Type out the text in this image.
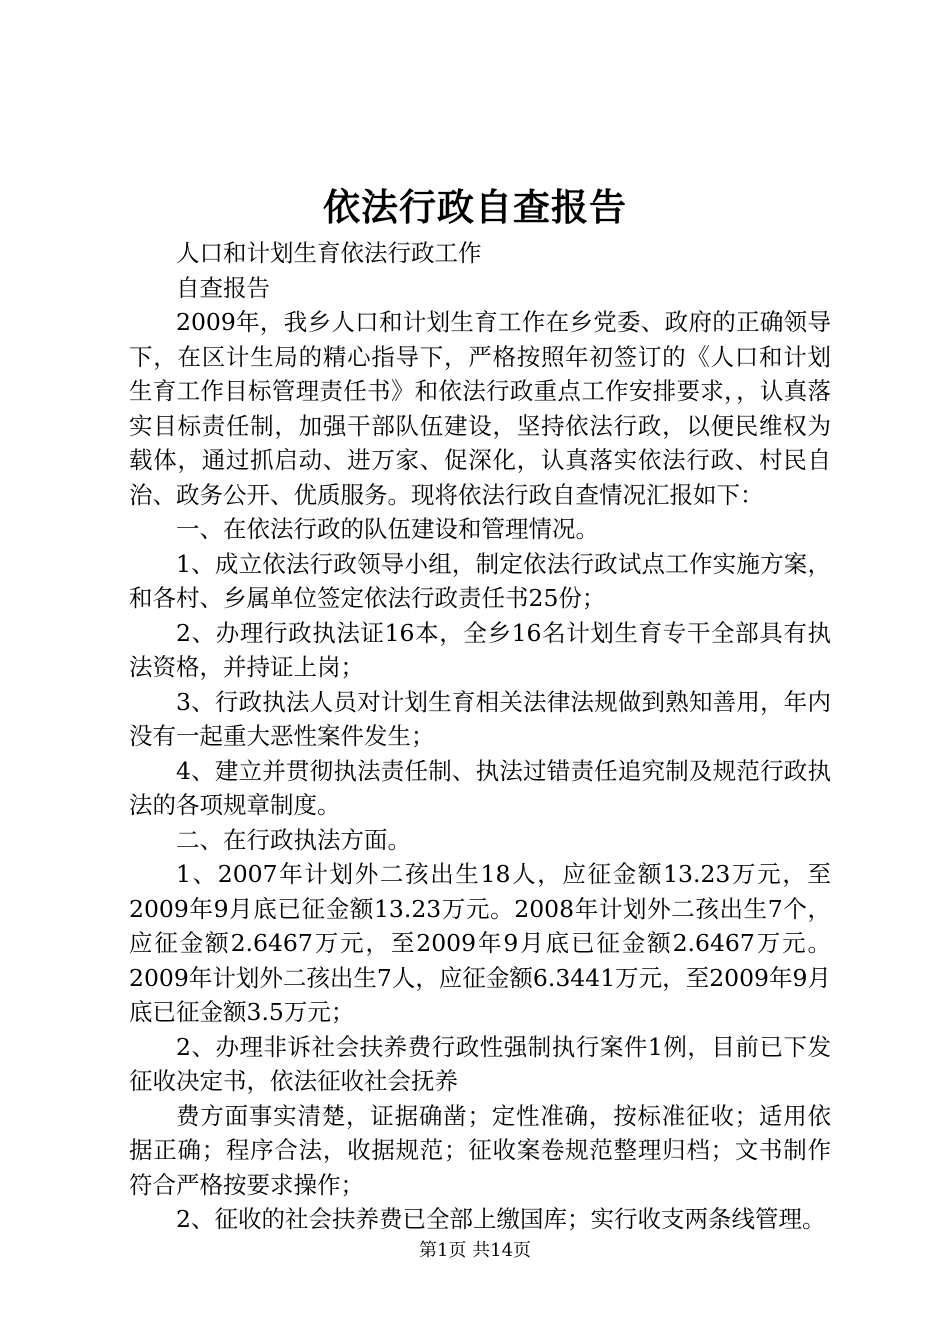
依法行政自查报告

人口和计划生育依法行政工作

自查报告

2009年，我乡人口和计划生育工作在乡党委、政府的正确领导下，在区计生局的精心指导下，严格按照年初签订的《人口和计划生育工作目标管理责任书》和依法行政重点工作安排要求，，认真落实目标责任制，加强干部队伍建设，坚持依法行政，以便民维权为载体，通过抓启动、进万家、促深化，认真落实依法行政、村民自治、政务公开、优质服务。现将依法行政自查情况汇报如下：

一、在依法行政的队伍建设和管理情况。

1、成立依法行政领导小组，制定依法行政试点工作实施方案，和各村、乡属单位签定依法行政责任书25份；

2、办理行政执法证16本，全乡16名计划生育专干全部具有执法资格，并持证上岗；

3、行政执法人员对计划生育相关法律法规做到熟知善用，年内没有一起重大恶性案件发生；

4、建立并贯彻执法责任制、执法过错责任追究制及规范行政执法的各项规章制度。

二、在行政执法方面。

1、2007年计划外二孩出生18人，应征金额13.23万元，至2009年9月底已征金额13.23万元。2008年计划外二孩出生7个，应征金额2.6467万元，至2009年9月底已征金额2.6467万元。2009年计划外二孩出生7人，应征金额6.3441万元，至2009年9月底已征金额3.5万元；

2、办理非诉社会扶养费行政性强制执行案件1例，目前已下发征收决定书，依法征收社会抚养

费方面事实清楚，证据确凿；定性准确，按标准征收；适用依据正确；程序合法，收据规范；征收案卷规范整理归档；文书制作符合严格按要求操作；

2、征收的社会扶养费已全部上缴国库；实行收支两条线管理。

第1页 共14页
